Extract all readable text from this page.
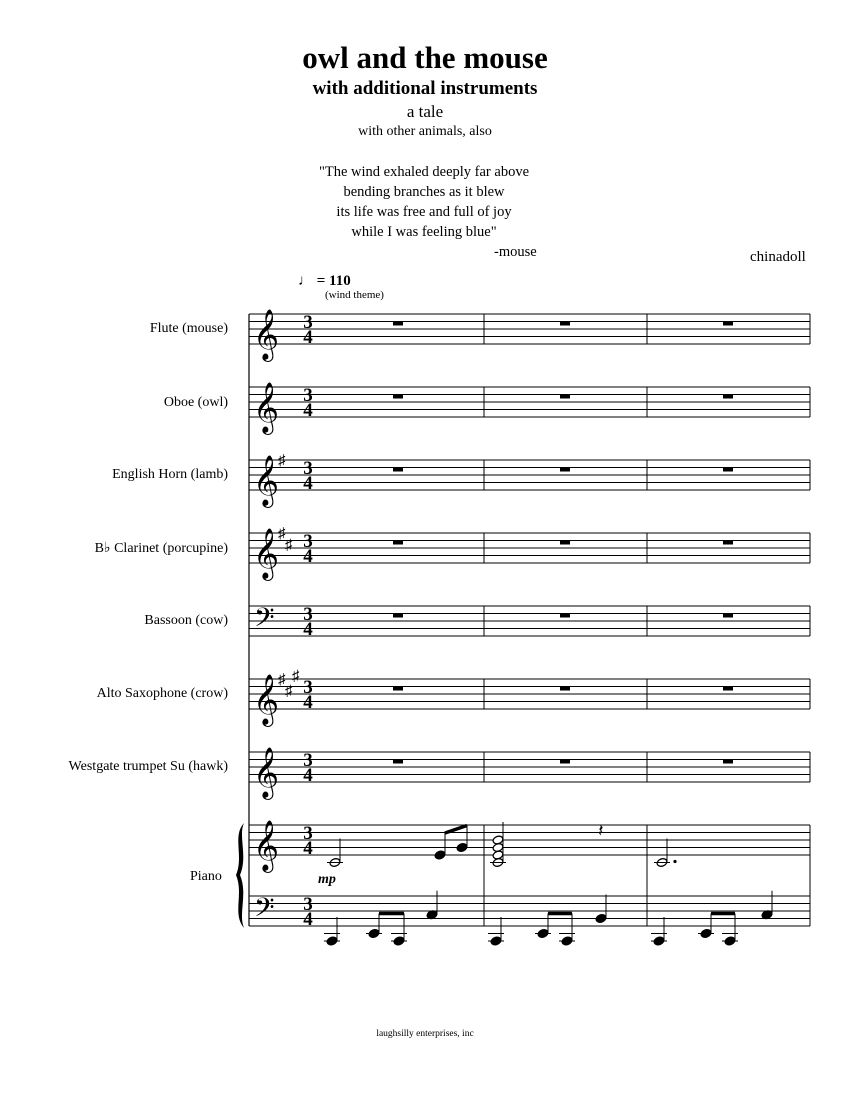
owl and the mouse
with additional instruments
a tale
with other animals, also
"The wind exhaled deeply far above
bending branches as it blew
its life was free and full of joy
while I was feeling blue"
-mouse	chinadoll
♩ = 110
(wind theme)
Flute (mouse)
Oboe (owl)
English Horn (lamb)
B♭ Clarinet (porcupine)
Bassoon (cow)
Alto Saxophone (crow)
Westgate trumpet Su (hawk)
Piano
laughsilly enterprises, inc
𝄞 3
4
𝄞 3
4
𝄞
♯ 3
4
𝄞
♯
♯ 3
4
𝄢 3
4
𝄞
♯
♯
♯
3
4
𝄞 3
4
𝄞
𝄢
3
4
3
4
mp
𝄽
